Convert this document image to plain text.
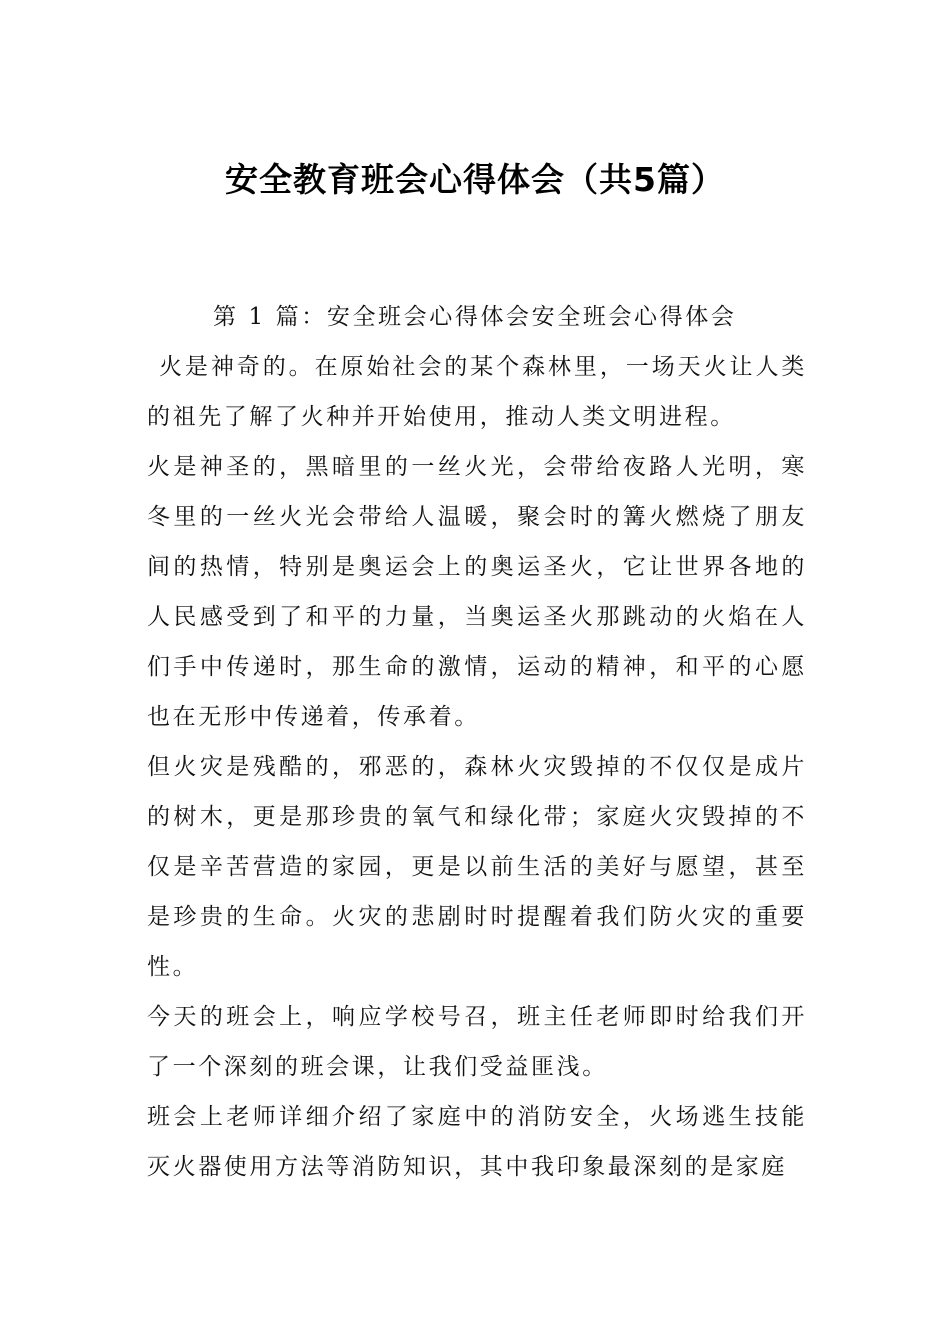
安全教育班会心得体会（共5篇）

第 1 篇：安全班会心得体会安全班会心得体会

火是神奇的。在原始社会的某个森林里，一场天火让人类的祖先了解了火种并开始使用，推动人类文明进程。

火是神圣的，黑暗里的一丝火光，会带给夜路人光明，寒冬里的一丝火光会带给人温暖，聚会时的篝火燃烧了朋友间的热情，特别是奥运会上的奥运圣火，它让世界各地的人民感受到了和平的力量，当奥运圣火那跳动的火焰在人们手中传递时，那生命的激情，运动的精神，和平的心愿也在无形中传递着，传承着。

但火灾是残酷的，邪恶的，森林火灾毁掉的不仅仅是成片的树木，更是那珍贵的氧气和绿化带；家庭火灾毁掉的不仅是辛苦营造的家园，更是以前生活的美好与愿望，甚至是珍贵的生命。火灾的悲剧时时提醒着我们防火灾的重要性。

今天的班会上，响应学校号召，班主任老师即时给我们开了一个深刻的班会课，让我们受益匪浅。

班会上老师详细介绍了家庭中的消防安全，火场逃生技能灭火器使用方法等消防知识，其中我印象最深刻的是家庭
